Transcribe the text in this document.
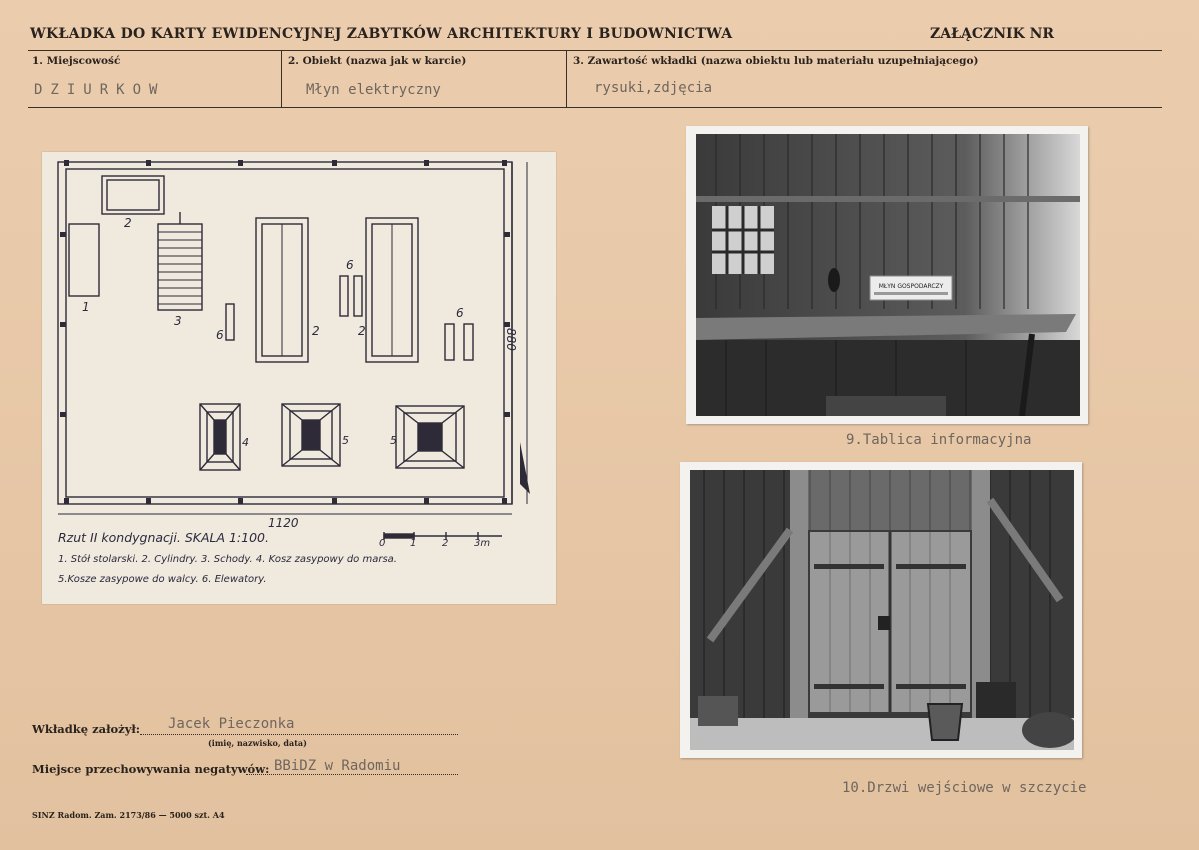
WKŁADKA DO KARTY EWIDENCYJNEJ ZABYTKÓW ARCHITEKTURY I BUDOWNICTWA	ZAŁĄCZNIK NR
1. Miejscowość
DZIURKOW
2. Obiekt (nazwa jak w karcie)
Młyn elektryczny
3. Zawartość wkładki (nazwa obiektu lub materiału uzupełniającego)
rysuki,zdjęcia
1
2
3
2	2
6
6
6
4	5	5
880
1120
0 1	2	3m
Rzut II kondygnacji. SKALA 1:100.
1. Stół stolarski. 2. Cylindry. 3. Schody. 4. Kosz zasypowy do marsa.
5.Kosze zasypowe do walcy. 6. Elewatory.
MŁYN GOSPODARCZY
9.Tablica informacyjna
10.Drzwi wejściowe w szczycie
Wkładkę założył: Jacek Pieczonka
(imię, nazwisko, data)
Miejsce przechowywania negatywów: BBiDZ w Radomiu
SINZ Radom. Zam. 2173/86 — 5000 szt. A4
